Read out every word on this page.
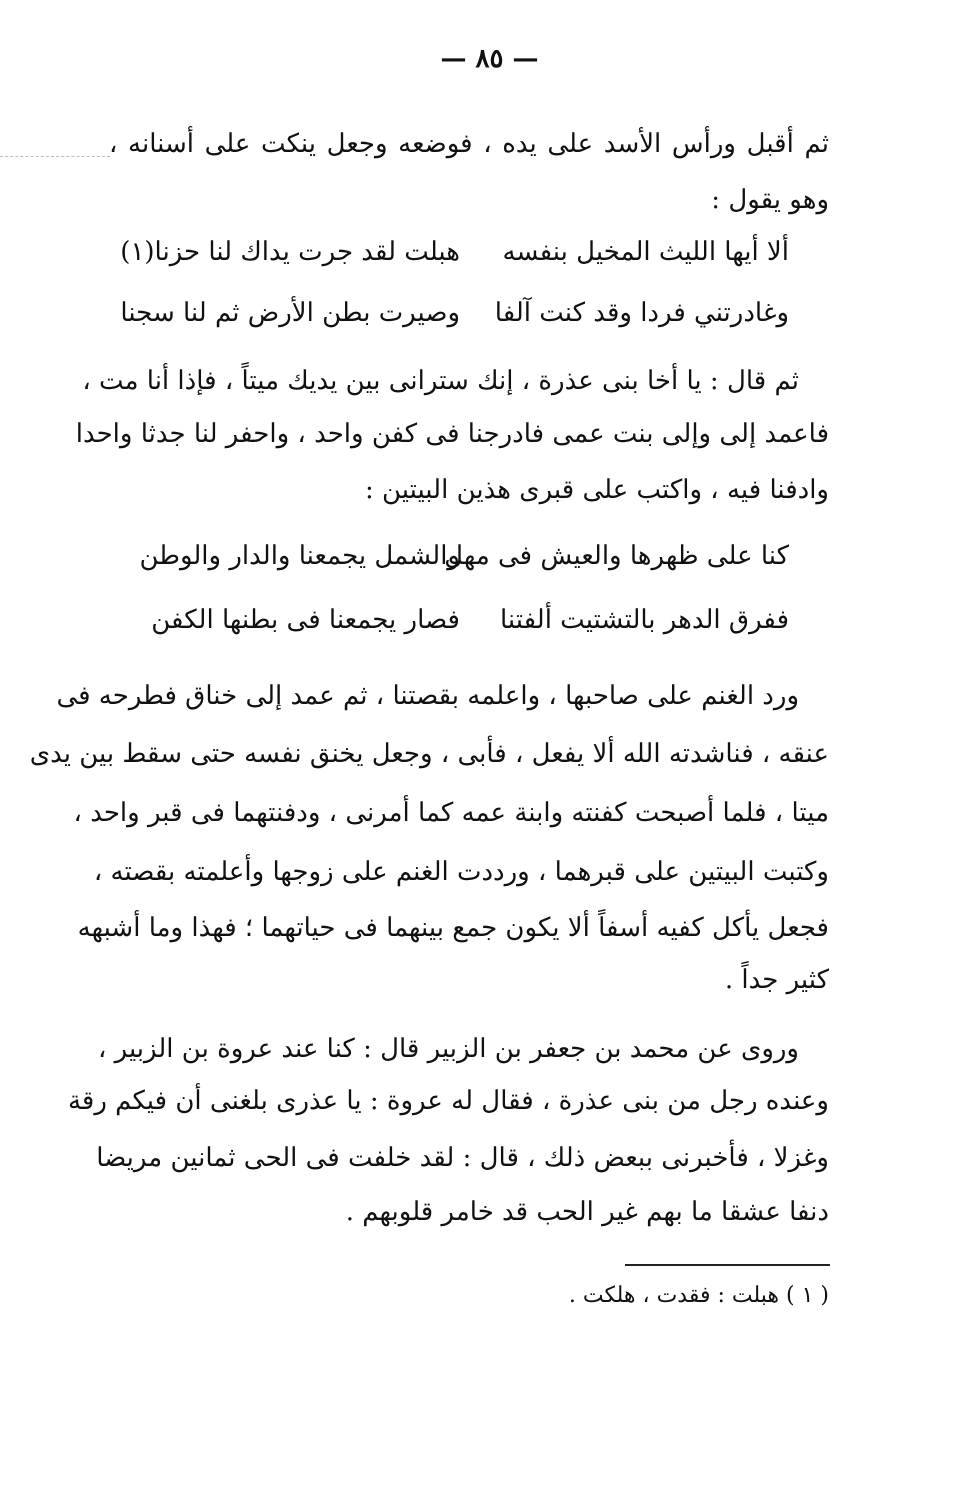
— ٨٥ —
ثم أقبل ورأس الأسد على يده ، فوضعه وجعل ينكت على أسنانه ،
وهو يقول :
ألا أيها الليث المخيل بنفسه
هبلت لقد جرت يداك لنا حزنا(١)
وغادرتني فردا وقد كنت آلفا
وصيرت بطن الأرض ثم لنا سجنا
ثم قال : يا أخا بنى عذرة ، إنك سترانى بين يديك ميتاً ، فإذا أنا مت ،
فاعمد إلى وإلى بنت عمى فادرجنا فى كفن واحد ، واحفر لنا جدثا واحدا
وادفنا فيه ، واكتب على قبرى هذين البيتين :
كنا على ظهرها والعيش فى مهل
والشمل يجمعنا والدار والوطن
ففرق الدهر بالتشتيت ألفتنا
فصار يجمعنا فى بطنها الكفن
ورد الغنم على صاحبها ، واعلمه بقصتنا ، ثم عمد إلى خناق فطرحه فى
عنقه ، فناشدته الله ألا يفعل ، فأبى ، وجعل يخنق نفسه حتى سقط بين يدى
ميتا ، فلما أصبحت كفنته وابنة عمه كما أمرنى ، ودفنتهما فى قبر واحد ،
وكتبت البيتين على قبرهما ، ورددت الغنم على زوجها وأعلمته بقصته ،
فجعل يأكل كفيه أسفاً ألا يكون جمع بينهما فى حياتهما ؛ فهذا وما أشبهه
كثير جداً .
وروى عن محمد بن جعفر بن الزبير قال : كنا عند عروة بن الزبير ،
وعنده رجل من بنى عذرة ، فقال له عروة : يا عذرى بلغنى أن فيكم رقة
وغزلا ، فأخبرنى ببعض ذلك ، قال : لقد خلفت فى الحى ثمانين مريضا
دنفا عشقا ما بهم غير الحب قد خامر قلوبهم .
( ١ ) هبلت : فقدت ، هلكت .
